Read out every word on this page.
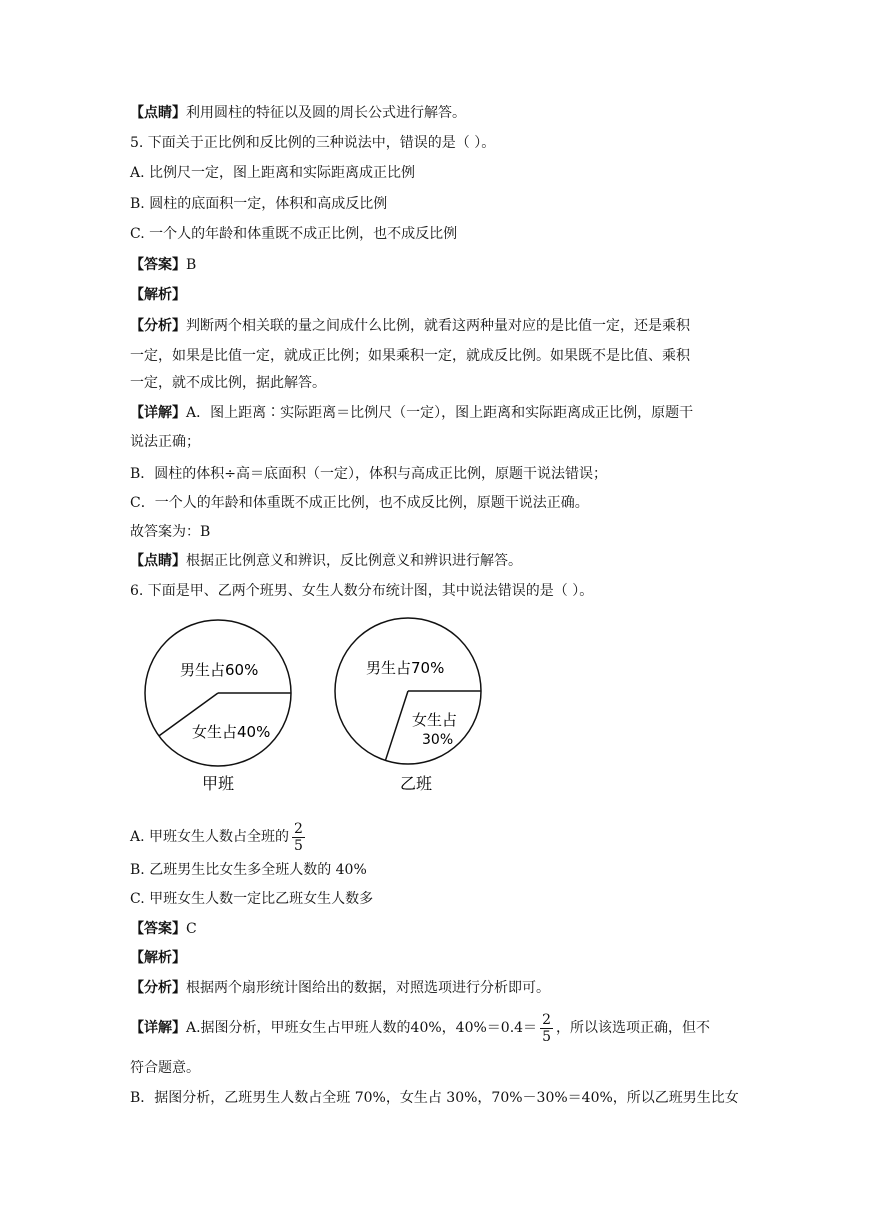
【点睛】利用圆柱的特征以及圆的周长公式进行解答。
5. 下面关于正比例和反比例的三种说法中，错误的是（ ）。
A. 比例尺一定，图上距离和实际距离成正比例
B. 圆柱的底面积一定，体积和高成反比例
C. 一个人的年龄和体重既不成正比例，也不成反比例
【答案】B
【解析】
【分析】判断两个相关联的量之间成什么比例，就看这两种量对应的是比值一定，还是乘积
一定，如果是比值一定，就成正比例；如果乘积一定，就成反比例。如果既不是比值、乘积
一定，就不成比例，据此解答。
【详解】A．图上距离∶实际距离＝比例尺（一定），图上距离和实际距离成正比例，原题干
说法正确；
B．圆柱的体积÷高＝底面积（一定），体积与高成正比例，原题干说法错误；
C．一个人的年龄和体重既不成正比例，也不成反比例，原题干说法正确。
故答案为：B
【点睛】根据正比例意义和辨识，反比例意义和辨识进行解答。
6. 下面是甲、乙两个班男、女生人数分布统计图，其中说法错误的是（ ）。
男生占60%
女生占40%
甲班
男生占70%
女生占
30%
乙班
A. 甲班女生人数占全班的 $\frac{2}{5}$
B. 乙班男生比女生多全班人数的 40%
C. 甲班女生人数一定比乙班女生人数多
【答案】C
【解析】
【分析】根据两个扇形统计图给出的数据，对照选项进行分析即可。
【详解】A.据图分析，甲班女生占甲班人数的40%，$40\%=0.4= \frac{2}{5}$ ，所以该选项正确，但不
符合题意。
B．据图分析，乙班男生人数占全班 70%，女生占 30%，70%－30%＝40%，所以乙班男生比女
